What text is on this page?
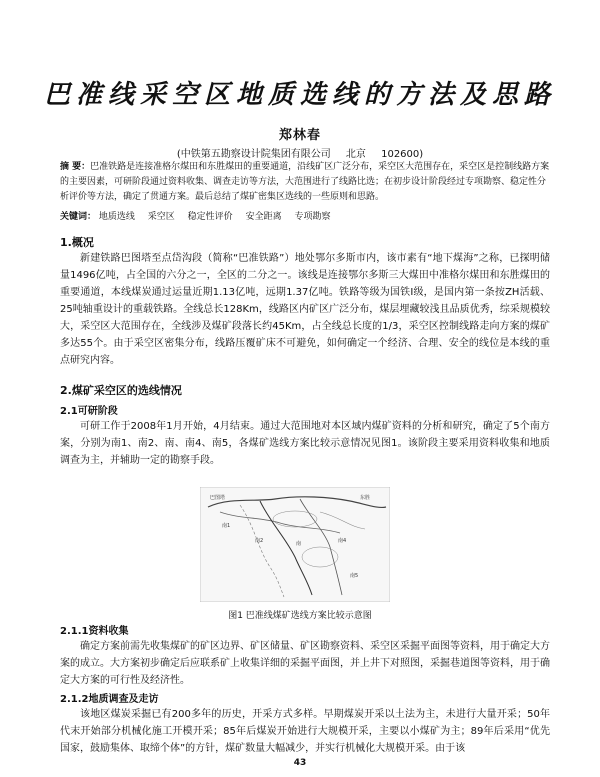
巴准线采空区地质选线的方法及思路
郑林春
(中铁第五勘察设计院集团有限公司 北京 102600)
摘 要：巴准铁路是连接准格尔煤田和东胜煤田的重要通道，沿线矿区广泛分布，采空区大范围存在，采空区是控制线路方案的主要因素，可研阶段通过资料收集、调查走访等方法，大范围进行了线路比选；在初步设计阶段经过专项勘察、稳定性分析评价等方法，确定了贯通方案。最后总结了煤矿密集区选线的一些原则和思路。
关键词： 地质选线 采空区 稳定性评价 安全距离 专项勘察
1.概况
新建铁路巴图塔至点岱沟段（简称“巴准铁路”）地处鄂尔多斯市内，该市素有“地下煤海”之称，已探明储量1496亿吨，占全国的六分之一，全区的二分之一。该线是连接鄂尔多斯三大煤田中准格尔煤田和东胜煤田的重要通道，本线煤炭通过运量近期1.13亿吨，远期1.37亿吨。铁路等级为国铁I级，是国内第一条按ZH活载、25吨轴重设计的重载铁路。全线总长128Km，线路区内矿区广泛分布，煤层埋藏较浅且品质优秀，综采规模较大，采空区大范围存在，全线涉及煤矿段落长约45Km，占全线总长度的1/3，采空区控制线路走向方案的煤矿多达55个。由于采空区密集分布，线路压覆矿床不可避免，如何确定一个经济、合理、安全的线位是本线的重点研究内容。
2.煤矿采空区的选线情况
2.1可研阶段
可研工作于2008年1月开始，4月结束。通过大范围地对本区域内煤矿资料的分析和研究，确定了5个南方案，分别为南1、南2、南、南4、南5，各煤矿选线方案比较示意情况见图1。该阶段主要采用资料收集和地质调查为主，并辅助一定的勘察手段。
南1
南2	南	南4
南5
东胜
巴图塔
图1 巴准线煤矿选线方案比较示意图
2.1.1资料收集
确定方案前需先收集煤矿的矿区边界、矿区储量、矿区勘察资料、采空区采掘平面图等资料，用于确定大方案的成立。大方案初步确定后应联系矿上收集详细的采掘平面图，并上井下对照图，采掘巷道图等资料，用于确定大方案的可行性及经济性。
2.1.2地质调查及走访
该地区煤炭采掘已有200多年的历史，开采方式多样。早期煤炭开采以土法为主，未进行大量开采；50年代末开始部分机械化施工开模开采；85年后煤炭开始进行大规模开采，主要以小煤矿为主；89年后采用“优先国家，鼓励集体、取缔个体”的方针，煤矿数量大幅减少，并实行机械化大规模开采。由于该
43
